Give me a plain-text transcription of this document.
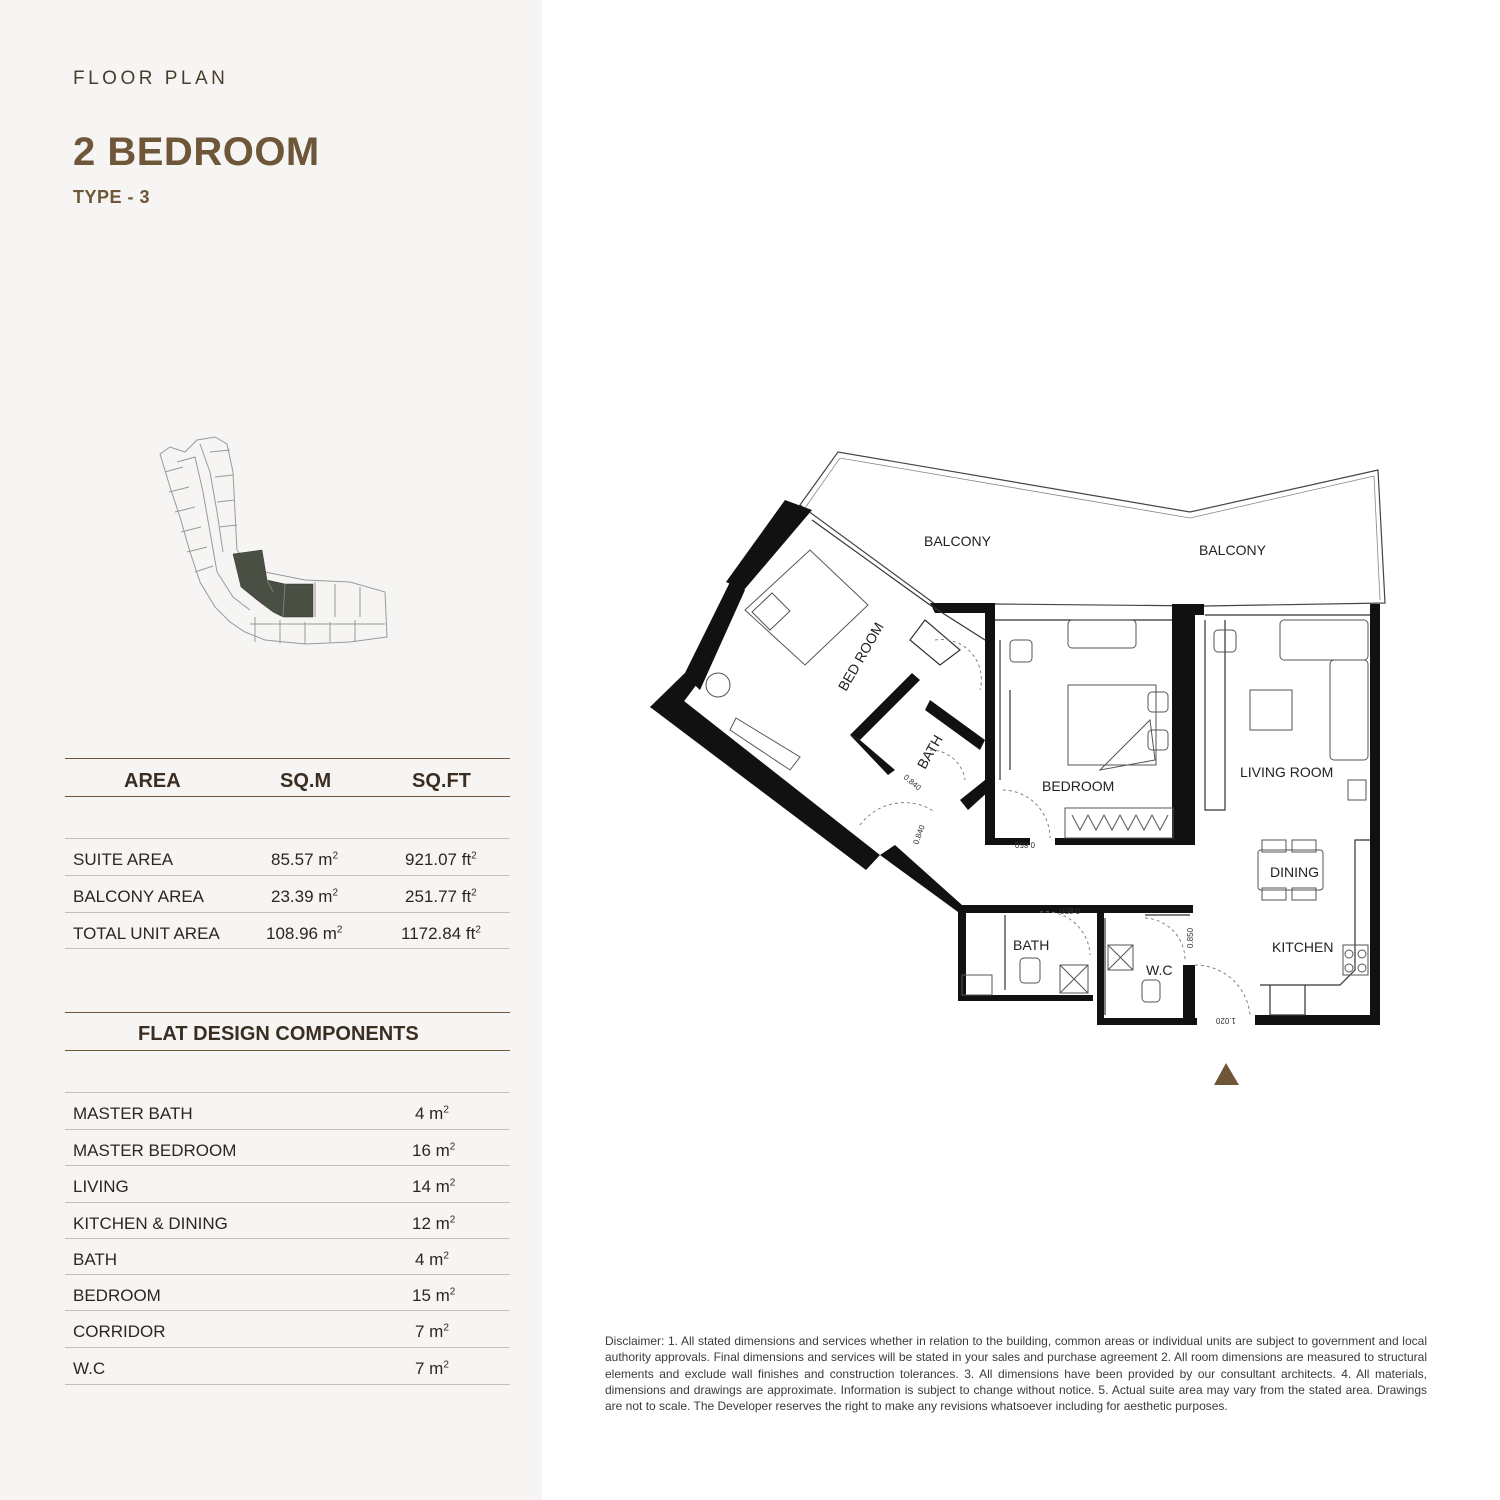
FLOOR PLAN
2 BEDROOM
TYPE - 3
AREA	SQ.M	SQ.FT
SUITE AREA	85.57 $m^2$	921.07 $ft^2$
BALCONY AREA	23.39 $m^2$	251.77 $ft^2$
TOTAL UNIT AREA	108.96 $m^2$	1172.84 $ft^2$
FLAT DESIGN COMPONENTS
MASTER BATH	4 $m^2$
MASTER BEDROOM	16 $m^2$
LIVING	14 $m^2$
KITCHEN & DINING	12 $m^2$
BATH	4 $m^2$
BEDROOM	15 $m^2$
CORRIDOR	7 $m^2$
W.C	7 $m^2$
BALCONY
BALCONY
BED ROOM
BATH
BEDROOM
LIVING ROOM
DINING
KITCHEN
BATH
W.C
0.850
0.840
0.840
0.850
0.850
1.020
Disclaimer: 1. All stated dimensions and services whether in relation to the building, common areas or individual units are subject to government and local authority approvals. Final dimensions and services will be stated in your sales and purchase agreement 2. All room dimensions are measured to structural elements and exclude wall finishes and construction tolerances. 3. All dimensions have been provided by our consultant architects. 4. All materials, dimensions and drawings are approximate. Information is subject to change without notice. 5. Actual suite area may vary from the stated area. Drawings are not to scale. The Developer reserves the right to make any revisions whatsoever including for aesthetic purposes.
